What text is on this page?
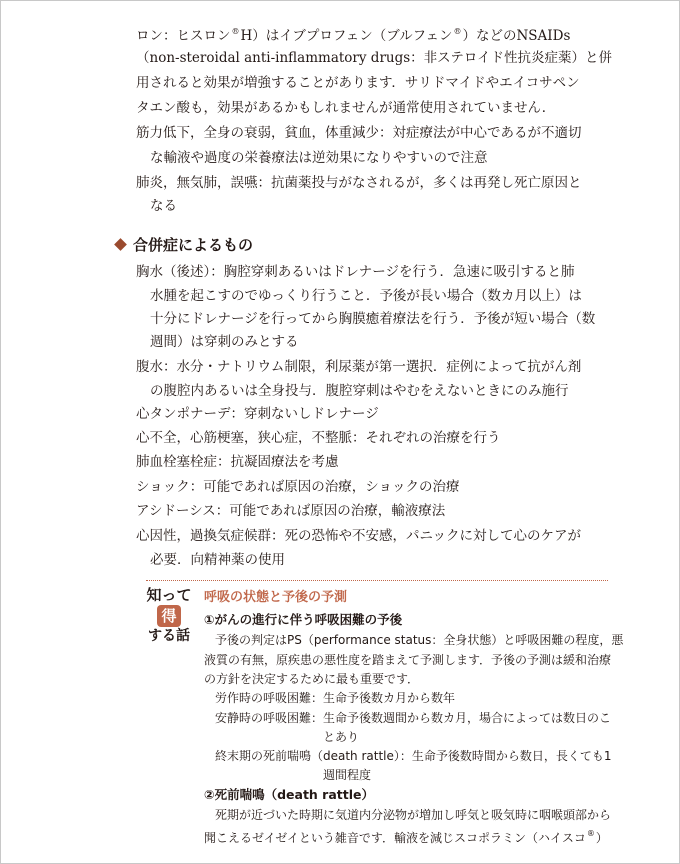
ロン：ヒスロン®H）はイブプロフェン（ブルフェン®）などのNSAIDs
（non-steroidal anti-inflammatory drugs：非ステロイド性抗炎症薬）と併
用されると効果が増強することがあります．サリドマイドやエイコサペン
タエン酸も，効果があるかもしれませんが通常使用されていません．
筋力低下，全身の衰弱，貧血，体重減少：対症療法が中心であるが不適切
な輸液や過度の栄養療法は逆効果になりやすいので注意
肺炎，無気肺，誤嚥：抗菌薬投与がなされるが，多くは再発し死亡原因と
なる
合併症によるもの
胸水（後述）：胸腔穿刺あるいはドレナージを行う．急速に吸引すると肺
水腫を起こすのでゆっくり行うこと．予後が長い場合（数カ月以上）は
十分にドレナージを行ってから胸膜癒着療法を行う．予後が短い場合（数
週間）は穿刺のみとする
腹水：水分・ナトリウム制限，利尿薬が第一選択．症例によって抗がん剤
の腹腔内あるいは全身投与．腹腔穿刺はやむをえないときにのみ施行
心タンポナーデ：穿刺ないしドレナージ
心不全，心筋梗塞，狭心症，不整脈：それぞれの治療を行う
肺血栓塞栓症：抗凝固療法を考慮
ショック：可能であれば原因の治療，ショックの治療
アシドーシス：可能であれば原因の治療，輸液療法
心因性，過換気症候群：死の恐怖や不安感，パニックに対して心のケアが
必要．向精神薬の使用
知って
得
する話
呼吸の状態と予後の予測
①がんの進行に伴う呼吸困難の予後
予後の判定はPS（performance status：全身状態）と呼吸困難の程度，悪
液質の有無，原疾患の悪性度を踏まえて予測します．予後の予測は緩和治療
の方針を決定するために最も重要です．
労作時の呼吸困難：生命予後数カ月から数年
安静時の呼吸困難：生命予後数週間から数カ月，場合によっては数日のこ
とあり
終末期の死前喘鳴（death rattle）：生命予後数時間から数日，長くても1
週間程度
②死前喘鳴（death rattle）
死期が近づいた時期に気道内分泌物が増加し呼気と吸気時に咽喉頭部から
聞こえるゼイゼイという雑音です．輸液を減じスコポラミン（ハイスコ®）
